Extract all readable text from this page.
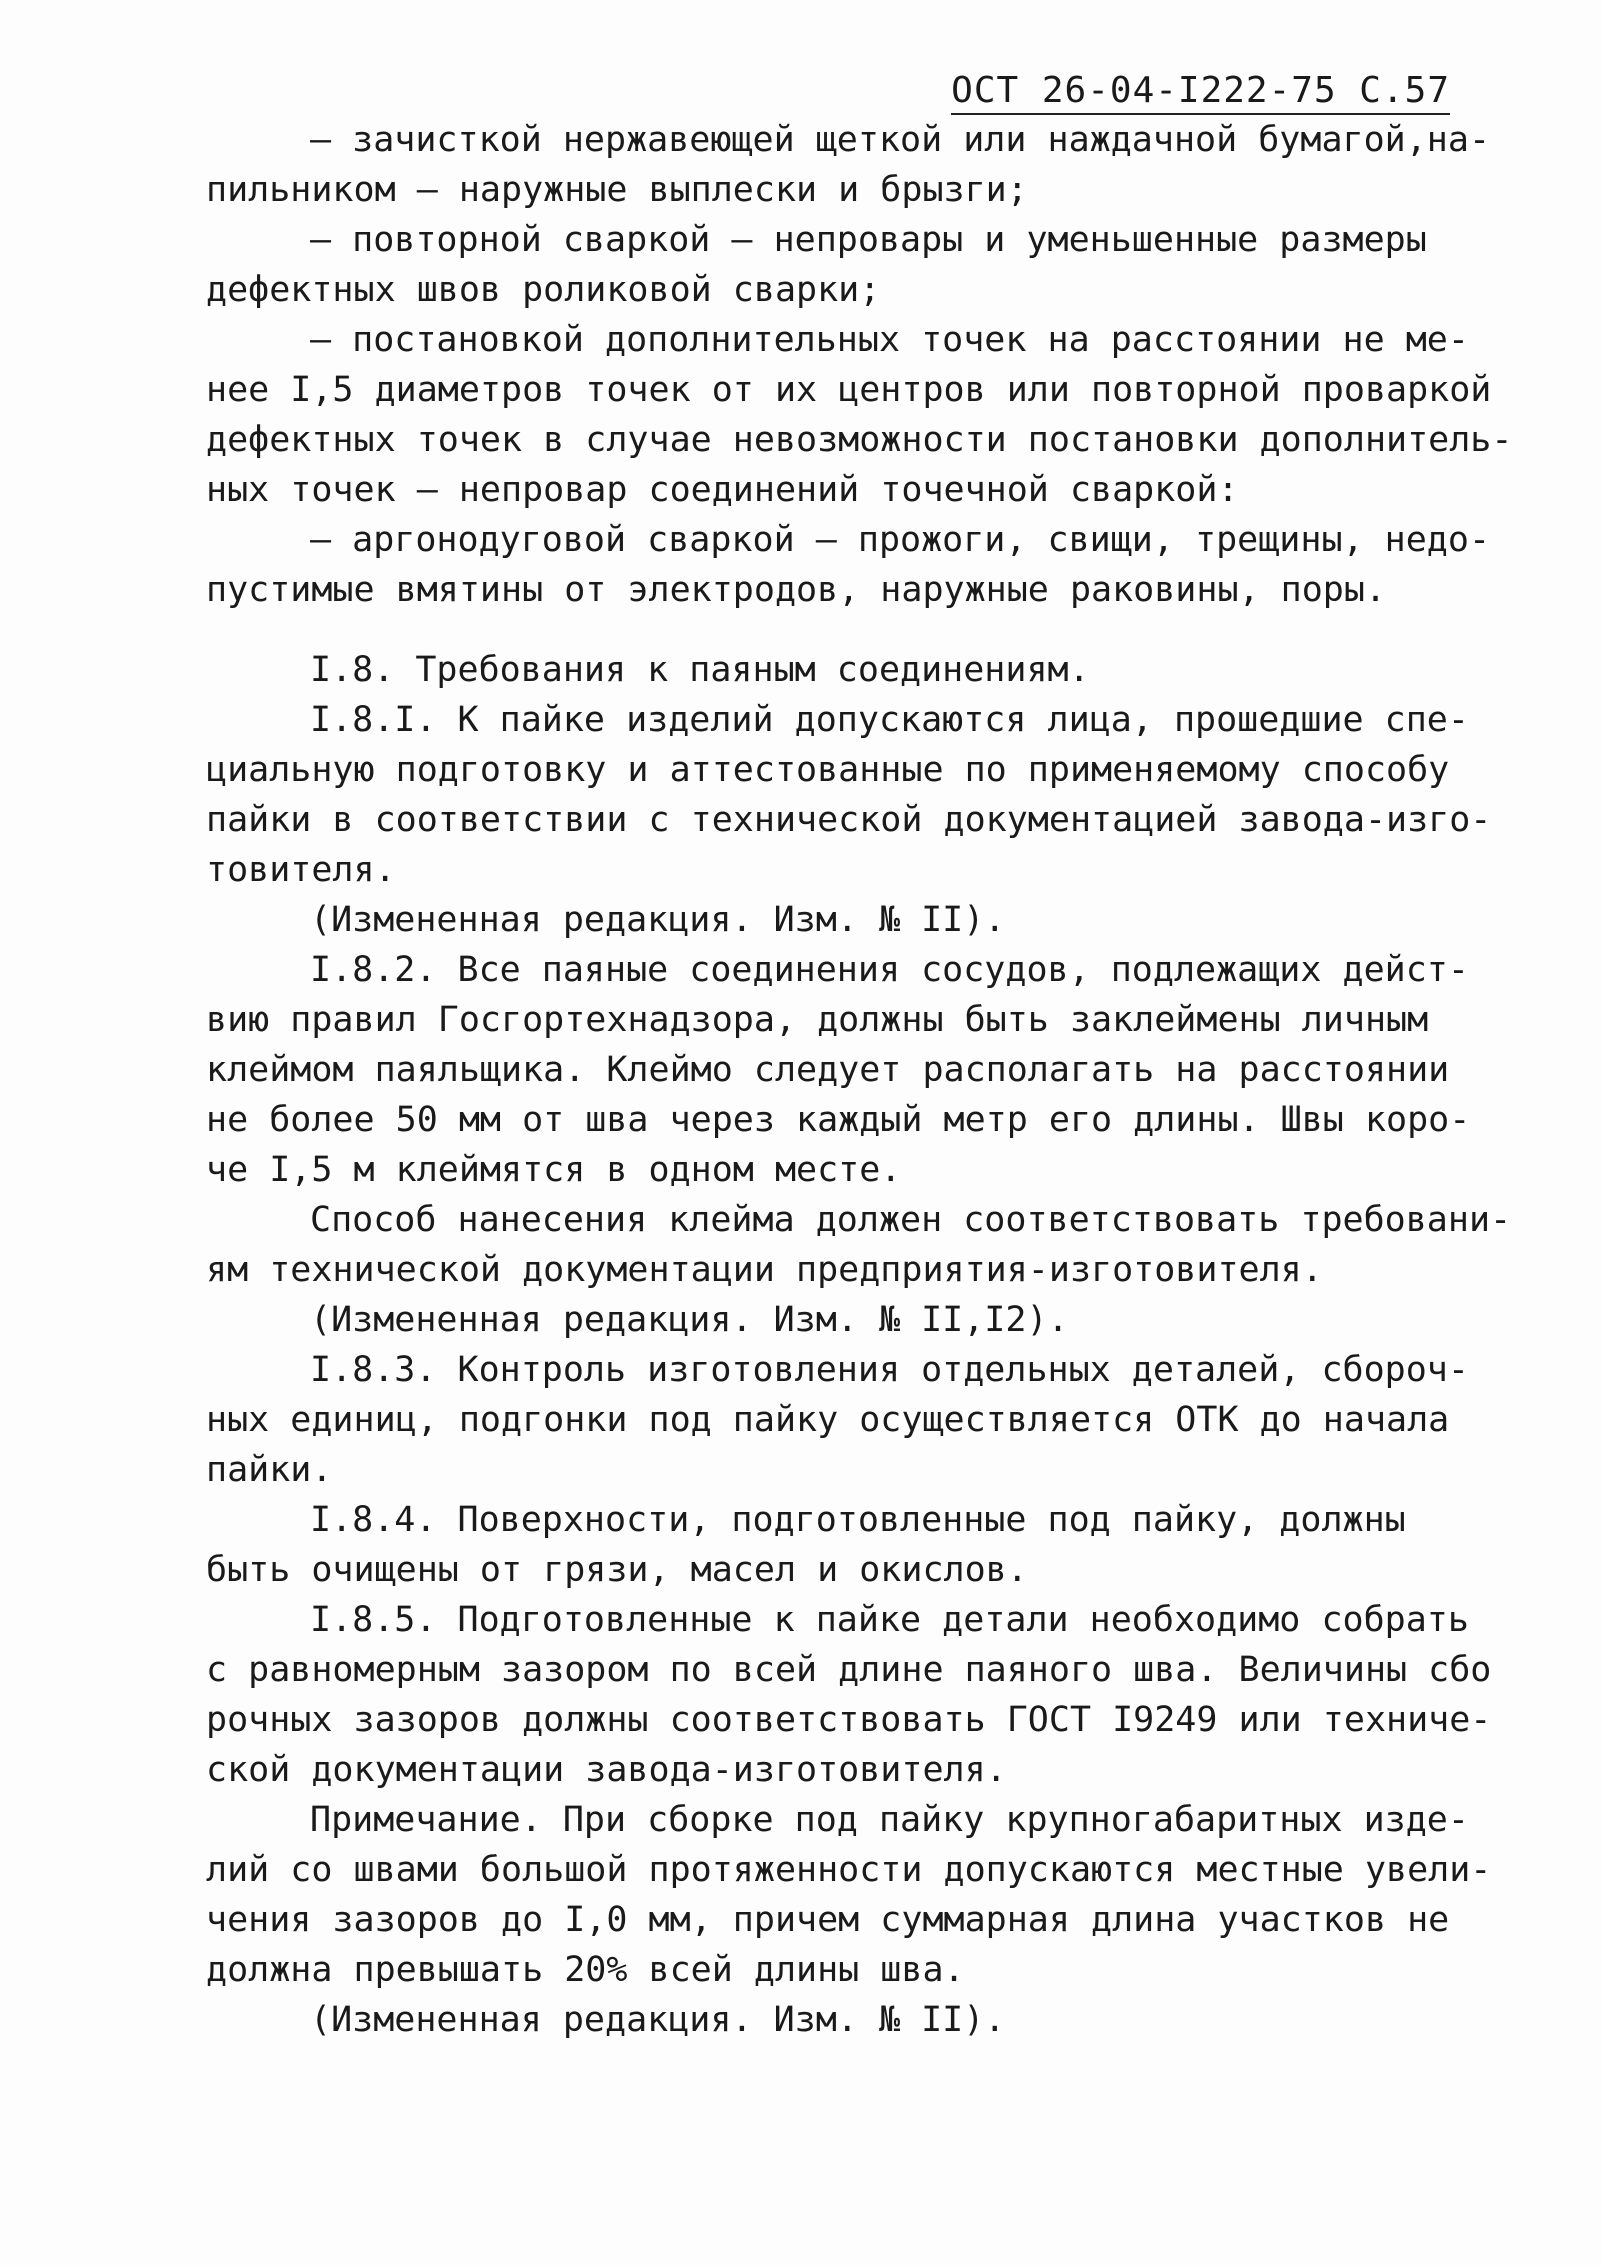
ОСТ 26-04-I222-75 С.57
– зачисткой нержавеющей щеткой или наждачной бумагой,на-
пильником – наружные выплески и брызги;
– повторной сваркой – непровары и уменьшенные размеры
дефектных швов роликовой сварки;
– постановкой дополнительных точек на расстоянии не ме-
нее I,5 диаметров точек от их центров или повторной проваркой
дефектных точек в случае невозможности постановки дополнитель-
ных точек – непровар соединений точечной сваркой:
– аргонодуговой сваркой – прожоги, свищи, трещины, недо-
пустимые вмятины от электродов, наружные раковины, поры.
I.8. Требования к паяным соединениям.
I.8.I. К пайке изделий допускаются лица, прошедшие спе-
циальную подготовку и аттестованные по применяемому способу
пайки в соответствии с технической документацией завода-изго-
товителя.
(Измененная редакция. Изм. № II).
I.8.2. Все паяные соединения сосудов, подлежащих дейст-
вию правил Госгортехнадзора, должны быть заклеймены личным
клеймом паяльщика. Клеймо следует располагать на расстоянии
не более 50 мм от шва через каждый метр его длины. Швы коро-
че I,5 м клеймятся в одном месте.
Способ нанесения клейма должен соответствовать требовани-
ям технической документации предприятия-изготовителя.
(Измененная редакция. Изм. № II,I2).
I.8.3. Контроль изготовления отдельных деталей, сбороч-
ных единиц, подгонки под пайку осуществляется ОТК до начала
пайки.
I.8.4. Поверхности, подготовленные под пайку, должны
быть очищены от грязи, масел и окислов.
I.8.5. Подготовленные к пайке детали необходимо собрать
с равномерным зазором по всей длине паяного шва. Величины сбо
рочных зазоров должны соответствовать ГОСТ I9249 или техниче-
ской документации завода-изготовителя.
Примечание. При сборке под пайку крупногабаритных изде-
лий со швами большой протяженности допускаются местные увели-
чения зазоров до I,0 мм, причем суммарная длина участков не
должна превышать 20% всей длины шва.
(Измененная редакция. Изм. № II).
